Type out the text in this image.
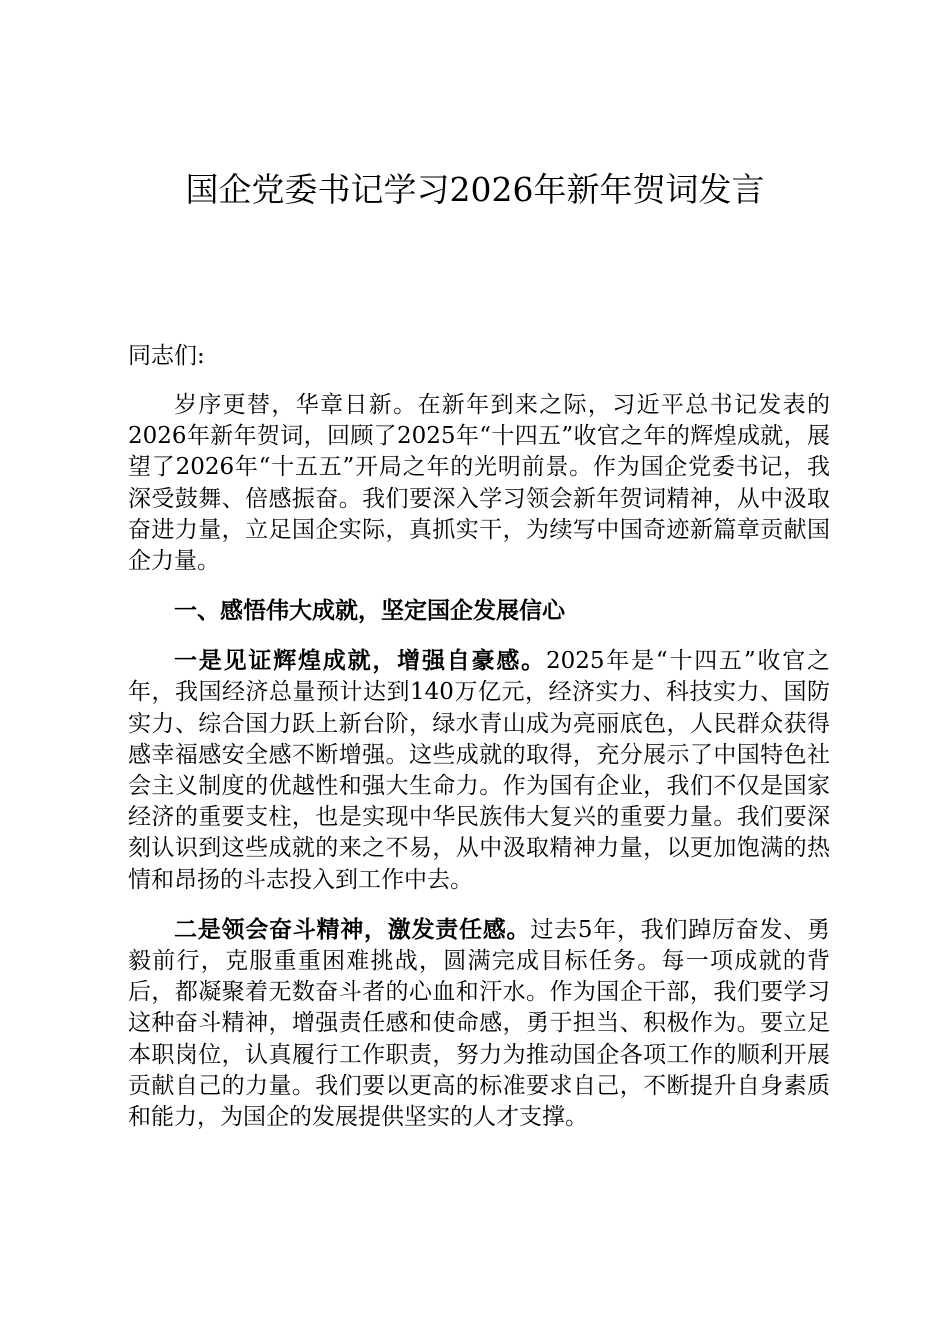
国企党委书记学习2026年新年贺词发言

同志们:

岁序更替，华章日新。在新年到来之际，习近平总书记发表的2026年新年贺词，回顾了2025年“十四五”收官之年的辉煌成就，展望了2026年“十五五”开局之年的光明前景。作为国企党委书记，我深受鼓舞、倍感振奋。我们要深入学习领会新年贺词精神，从中汲取奋进力量，立足国企实际，真抓实干，为续写中国奇迹新篇章贡献国企力量。

一、感悟伟大成就，坚定国企发展信心

一是见证辉煌成就，增强自豪感。2025年是“十四五”收官之年，我国经济总量预计达到140万亿元，经济实力、科技实力、国防实力、综合国力跃上新台阶，绿水青山成为亮丽底色，人民群众获得感幸福感安全感不断增强。这些成就的取得，充分展示了中国特色社会主义制度的优越性和强大生命力。作为国有企业，我们不仅是国家经济的重要支柱，也是实现中华民族伟大复兴的重要力量。我们要深刻认识到这些成就的来之不易，从中汲取精神力量，以更加饱满的热情和昂扬的斗志投入到工作中去。

二是领会奋斗精神，激发责任感。过去5年，我们踔厉奋发、勇毅前行，克服重重困难挑战，圆满完成目标任务。每一项成就的背后，都凝聚着无数奋斗者的心血和汗水。作为国企干部，我们要学习这种奋斗精神，增强责任感和使命感，勇于担当、积极作为。要立足本职岗位，认真履行工作职责，努力为推动国企各项工作的顺利开展贡献自己的力量。我们要以更高的标准要求自己，不断提升自身素质和能力，为国企的发展提供坚实的人才支撑。
